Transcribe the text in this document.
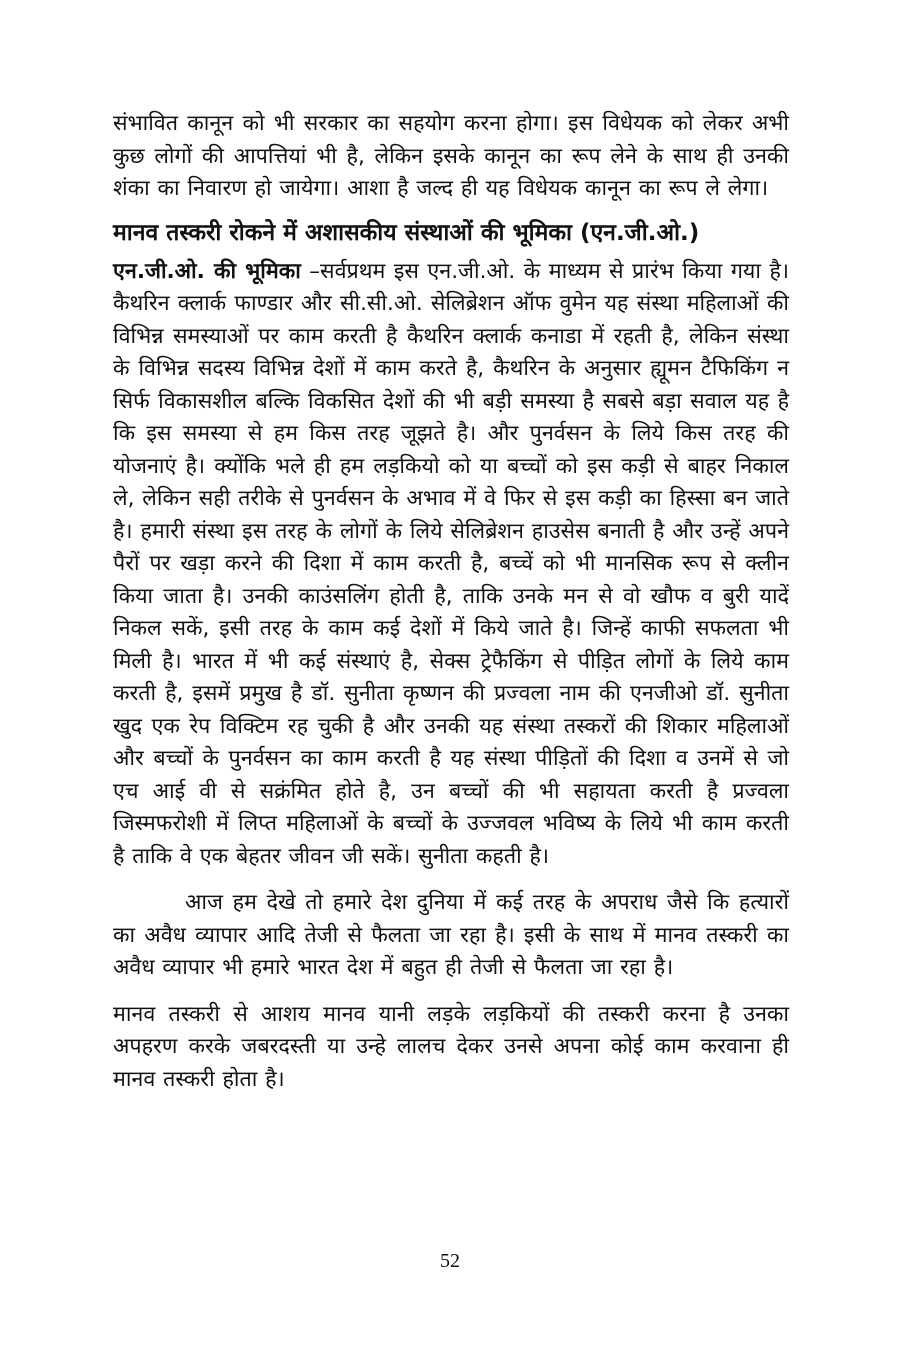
संभावित कानून को भी सरकार का सहयोग करना होगा। इस विधेयक को लेकर अभी कुछ लोगों की आपत्तियां भी है, लेकिन इसके कानून का रूप लेने के साथ ही उनकी शंका का निवारण हो जायेगा। आशा है जल्द ही यह विधेयक कानून का रूप ले लेगा।

मानव तस्करी रोकने में अशासकीय संस्थाओं की भूमिका (एन.जी.ओ.)

एन.जी.ओ. की भूमिका –सर्वप्रथम इस एन.जी.ओ. के माध्यम से प्रारंभ किया गया है। कैथरिन क्लार्क फाण्डार और सी.सी.ओ. सेलिब्रेशन ऑफ वुमेन यह संस्था महिलाओं की विभिन्न समस्याओं पर काम करती है कैथरिन क्लार्क कनाडा में रहती है, लेकिन संस्था के विभिन्न सदस्य विभिन्न देशों में काम करते है, कैथरिन के अनुसार ह्यूमन टैफिकिंग न सिर्फ विकासशील बल्कि विकसित देशों की भी बड़ी समस्या है सबसे बड़ा सवाल यह है कि इस समस्या से हम किस तरह जूझते है। और पुनर्वसन के लिये किस तरह की योजनाएं है। क्योंकि भले ही हम लड़कियो को या बच्चों को इस कड़ी से बाहर निकाल ले, लेकिन सही तरीके से पुनर्वसन के अभाव में वे फिर से इस कड़ी का हिस्सा बन जाते है। हमारी संस्था इस तरह के लोगों के लिये सेलिब्रेशन हाउसेस बनाती है और उन्हें अपने पैरों पर खड़ा करने की दिशा में काम करती है, बच्चें को भी मानसिक रूप से क्लीन किया जाता है। उनकी काउंसलिंग होती है, ताकि उनके मन से वो खौफ व बुरी यादें निकल सकें, इसी तरह के काम कई देशों में किये जाते है। जिन्हें काफी सफलता भी मिली है। भारत में भी कई संस्थाएं है, सेक्स ट्रेफैकिंग से पीड़ित लोगों के लिये काम करती है, इसमें प्रमुख है डॉ. सुनीता कृष्णन की प्रज्वला नाम की एनजीओ डॉ. सुनीता खुद एक रेप विक्टिम रह चुकी है और उनकी यह संस्था तस्करों की शिकार महिलाओं और बच्चों के पुनर्वसन का काम करती है यह संस्था पीड़ितों की दिशा व उनमें से जो एच आई वी से सक्रंमित होते है, उन बच्चों की भी सहायता करती है प्रज्वला जिस्मफरोशी में लिप्त महिलाओं के बच्चों के उज्जवल भविष्य के लिये भी काम करती है ताकि वे एक बेहतर जीवन जी सकें। सुनीता कहती है।

आज हम देखे तो हमारे देश दुनिया में कई तरह के अपराध जैसे कि हत्यारों का अवैध व्यापार आदि तेजी से फैलता जा रहा है। इसी के साथ में मानव तस्करी का अवैध व्यापार भी हमारे भारत देश में बहुत ही तेजी से फैलता जा रहा है।

मानव तस्करी से आशय मानव यानी लड़के लड़कियों की तस्करी करना है उनका अपहरण करके जबरदस्ती या उन्हे लालच देकर उनसे अपना कोई काम करवाना ही मानव तस्करी होता है।

52
